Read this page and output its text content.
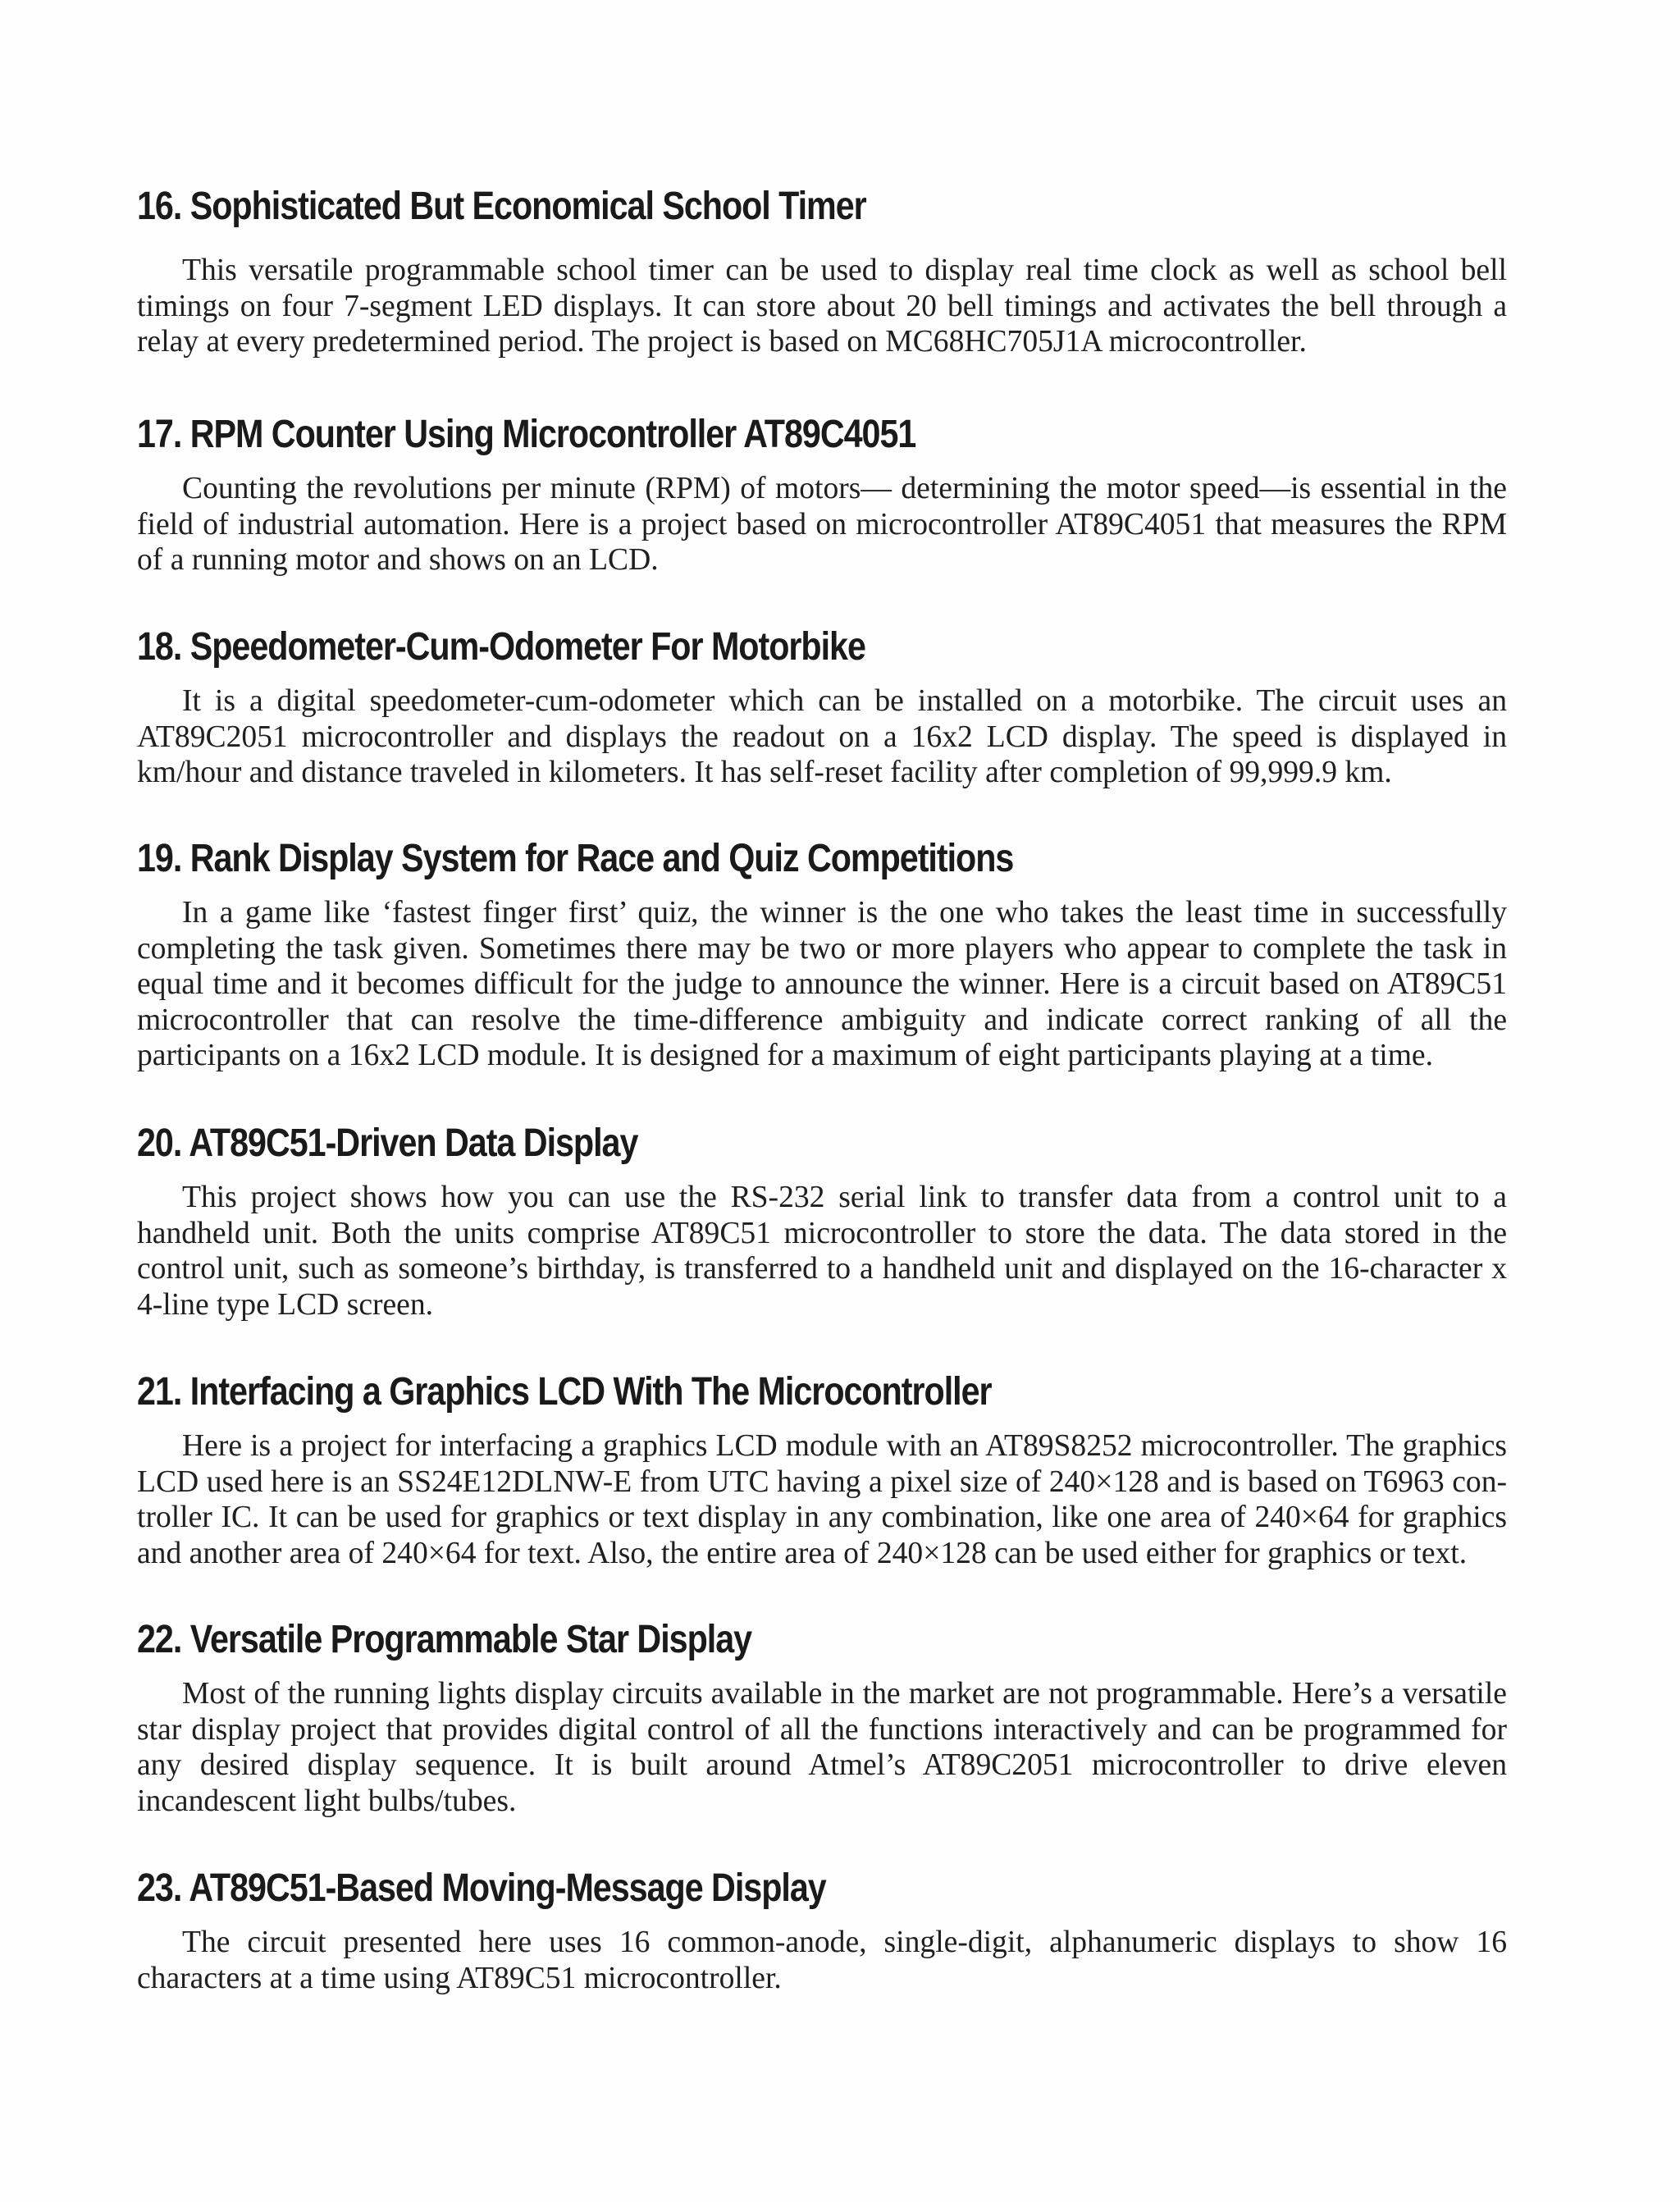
16. Sophisticated But Economical School Timer

This versatile programmable school timer can be used to display real time clock as well as school bell timings on four 7-segment LED displays. It can store about 20 bell timings and activates the bell through a relay at every predetermined period. The project is based on MC68HC705J1A microcontroller.

17. RPM Counter Using Microcontroller AT89C4051

Counting the revolutions per minute (RPM) of motors— determining the motor speed—is essential in the field of industrial automation. Here is a project based on microcontroller AT89C4051 that measures the RPM of a running motor and shows on an LCD.

18. Speedometer-Cum-Odometer For Motorbike

It is a digital speedometer-cum-odometer which can be installed on a motorbike. The circuit uses an AT89C2051 microcontroller and displays the readout on a 16x2 LCD display. The speed is displayed in km/hour and distance traveled in kilometers. It has self-reset facility after completion of 99,999.9 km.

19. Rank Display System for Race and Quiz Competitions

In a game like ‘fastest finger first’ quiz, the winner is the one who takes the least time in successfully completing the task given. Sometimes there may be two or more players who appear to complete the task in equal time and it becomes difficult for the judge to announce the winner. Here is a circuit based on AT89C51 microcontroller that can resolve the time-difference ambiguity and indicate correct ranking of all the participants on a 16x2 LCD module. It is designed for a maximum of eight participants playing at a time.

20. AT89C51-Driven Data Display

This project shows how you can use the RS-232 serial link to transfer data from a control unit to a handheld unit. Both the units comprise AT89C51 microcontroller to store the data. The data stored in the control unit, such as someone’s birthday, is transferred to a handheld unit and displayed on the 16-character x 4-line type LCD screen.

21. Interfacing a Graphics LCD With The Microcontroller

Here is a project for interfacing a graphics LCD module with an AT89S8252 microcontroller. The graphics LCD used here is an SS24E12DLNW-E from UTC having a pixel size of 240×128 and is based on T6963 con- troller IC. It can be used for graphics or text display in any combination, like one area of 240×64 for graphics and another area of 240×64 for text. Also, the entire area of 240×128 can be used either for graphics or text.

22. Versatile Programmable Star Display

Most of the running lights display circuits available in the market are not programmable. Here’s a versatile star display project that provides digital control of all the functions interactively and can be programmed for any desired display sequence. It is built around Atmel’s AT89C2051 microcontroller to drive eleven incandescent light bulbs/tubes.

23. AT89C51-Based Moving-Message Display

The circuit presented here uses 16 common-anode, single-digit, alphanumeric displays to show 16 characters at a time using AT89C51 microcontroller.
